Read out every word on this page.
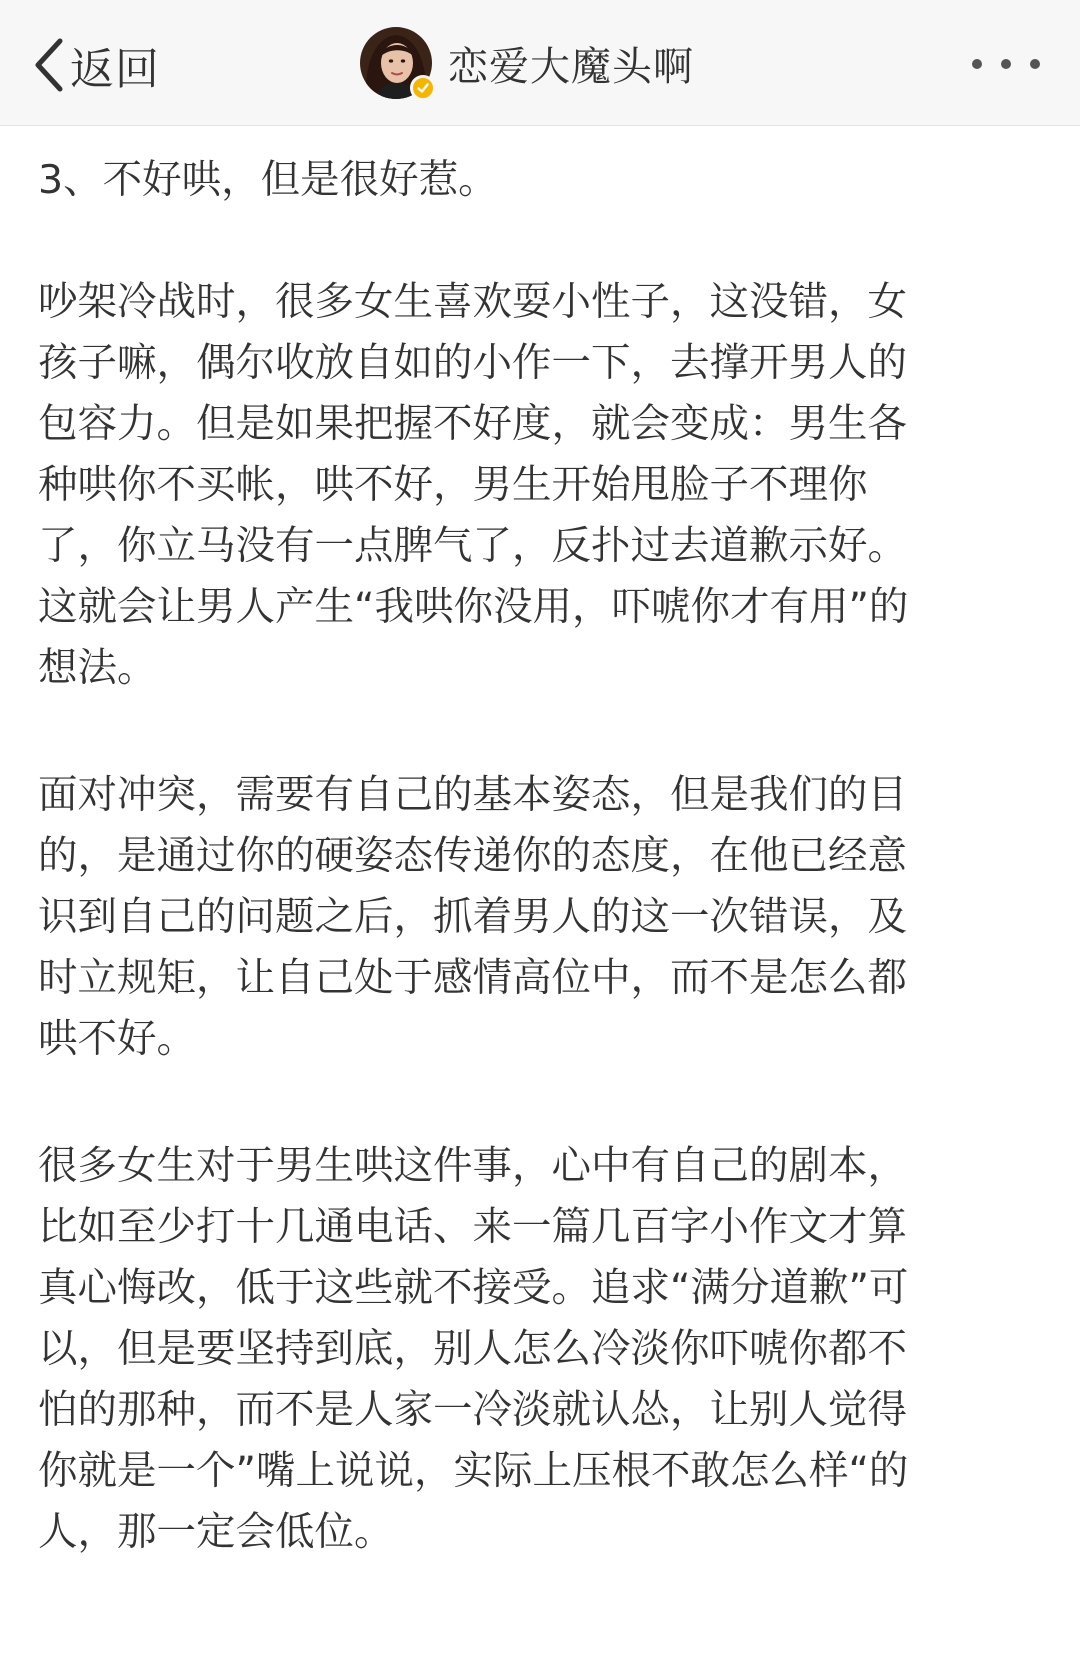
返回	恋爱大魔头啊

3、不好哄，但是很好惹。

吵架冷战时，很多女生喜欢耍小性子，这没错，女
孩子嘛，偶尔收放自如的小作一下，去撑开男人的
包容力。但是如果把握不好度，就会变成：男生各
种哄你不买帐，哄不好，男生开始甩脸子不理你
了，你立马没有一点脾气了，反扑过去道歉示好。
这就会让男人产生“我哄你没用，吓唬你才有用”的
想法。

面对冲突，需要有自己的基本姿态，但是我们的目
的，是通过你的硬姿态传递你的态度，在他已经意
识到自己的问题之后，抓着男人的这一次错误，及
时立规矩，让自己处于感情高位中，而不是怎么都
哄不好。

很多女生对于男生哄这件事，心中有自己的剧本，
比如至少打十几通电话、来一篇几百字小作文才算
真心悔改，低于这些就不接受。追求“满分道歉”可
以，但是要坚持到底，别人怎么冷淡你吓唬你都不
怕的那种，而不是人家一冷淡就认怂，让别人觉得
你就是一个”嘴上说说，实际上压根不敢怎么样“的
人，那一定会低位。
